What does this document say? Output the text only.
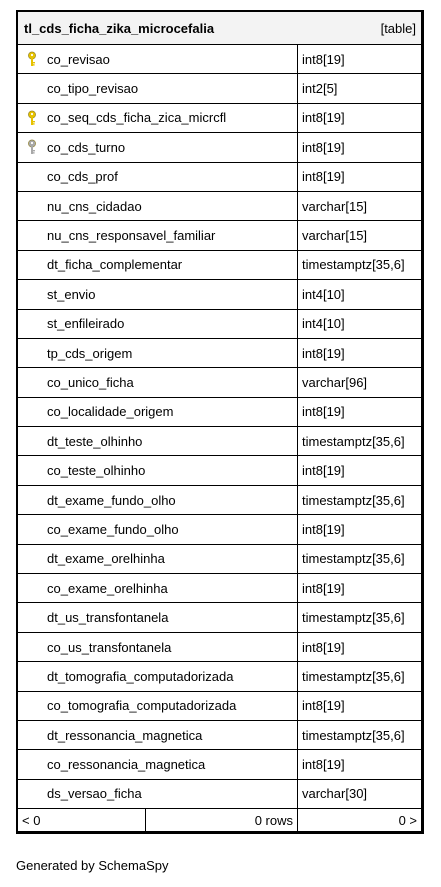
tl_cds_ficha_zika_microcefalia	[table]
co_revisao	int8[19]
co_tipo_revisao	int2[5]
co_seq_cds_ficha_zica_micrcfl	int8[19]
co_cds_turno	int8[19]
co_cds_prof	int8[19]
nu_cns_cidadao	varchar[15]
nu_cns_responsavel_familiar	varchar[15]
dt_ficha_complementar	timestamptz[35,6]
st_envio	int4[10]
st_enfileirado	int4[10]
tp_cds_origem	int8[19]
co_unico_ficha	varchar[96]
co_localidade_origem	int8[19]
dt_teste_olhinho	timestamptz[35,6]
co_teste_olhinho	int8[19]
dt_exame_fundo_olho	timestamptz[35,6]
co_exame_fundo_olho	int8[19]
dt_exame_orelhinha	timestamptz[35,6]
co_exame_orelhinha	int8[19]
dt_us_transfontanela	timestamptz[35,6]
co_us_transfontanela	int8[19]
dt_tomografia_computadorizada	timestamptz[35,6]
co_tomografia_computadorizada	int8[19]
dt_ressonancia_magnetica	timestamptz[35,6]
co_ressonancia_magnetica	int8[19]
ds_versao_ficha	varchar[30]
< 0	0 rows	0 >
Generated by SchemaSpy
